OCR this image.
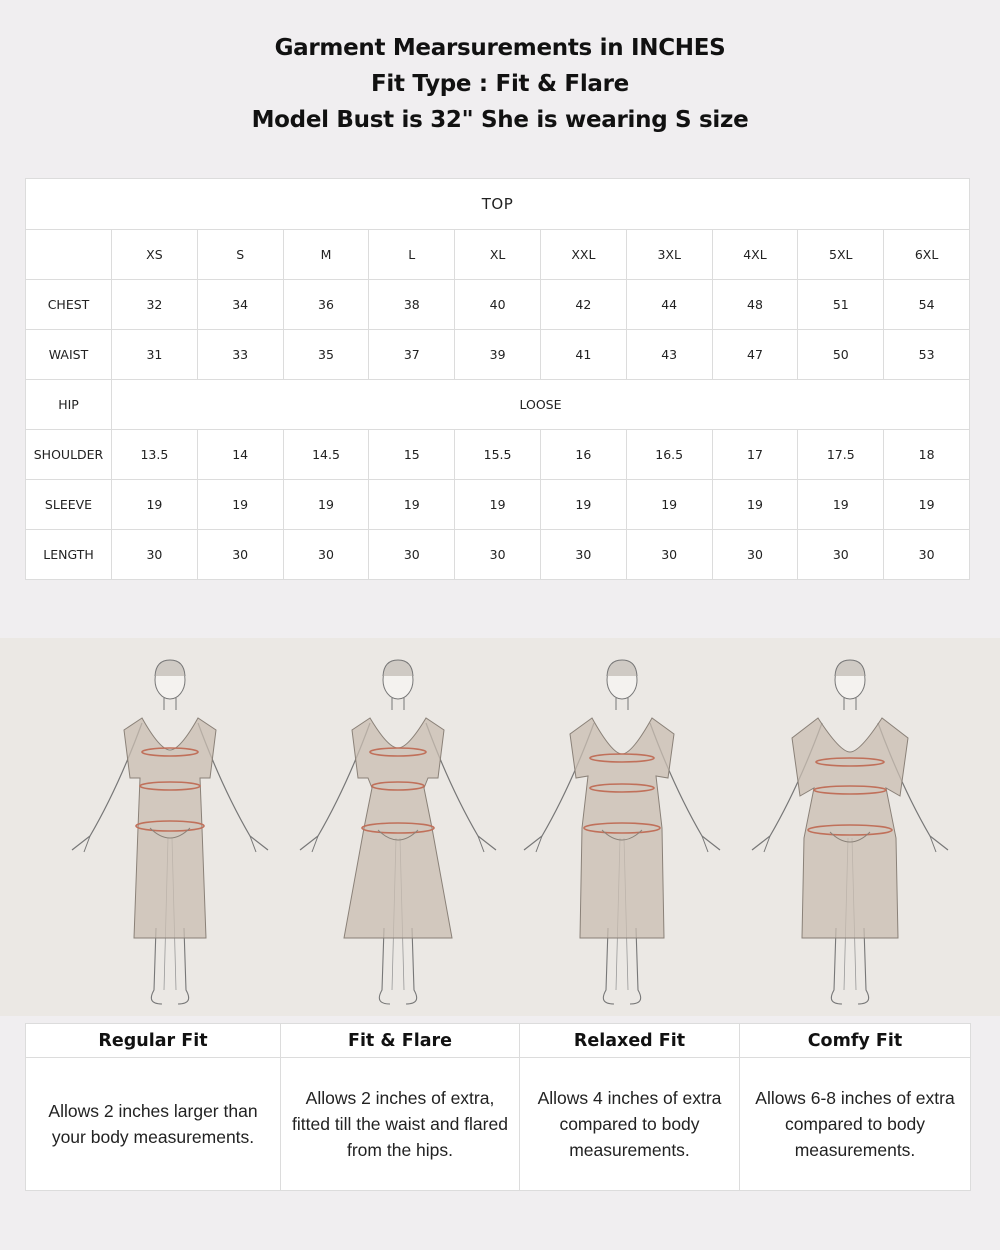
Garment Mearsurements in INCHES
Fit Type : Fit & Flare
Model Bust is 32" She is wearing S size
TOP										
	XS	S	M	L	XL	XXL	3XL	4XL	5XL	6XL
CHEST	32	34	36	38	40	42	44	48	51	54
WAIST	31	33	35	37	39	41	43	47	50	53
HIP	LOOSE									
SHOULDER	13.5	14	14.5	15	15.5	16	16.5	17	17.5	18
SLEEVE	19	19	19	19	19	19	19	19	19	19
LENGTH	30	30	30	30	30	30	30	30	30	30
Regular Fit	Fit & Flare	Relaxed Fit	Comfy Fit
Allows 2 inches larger than your body measurements.	Allows 2 inches of extra, fitted till the waist and flared from the hips.	Allows 4 inches of extra compared to body measurements.	Allows 6-8 inches of extra compared to body measurements.
